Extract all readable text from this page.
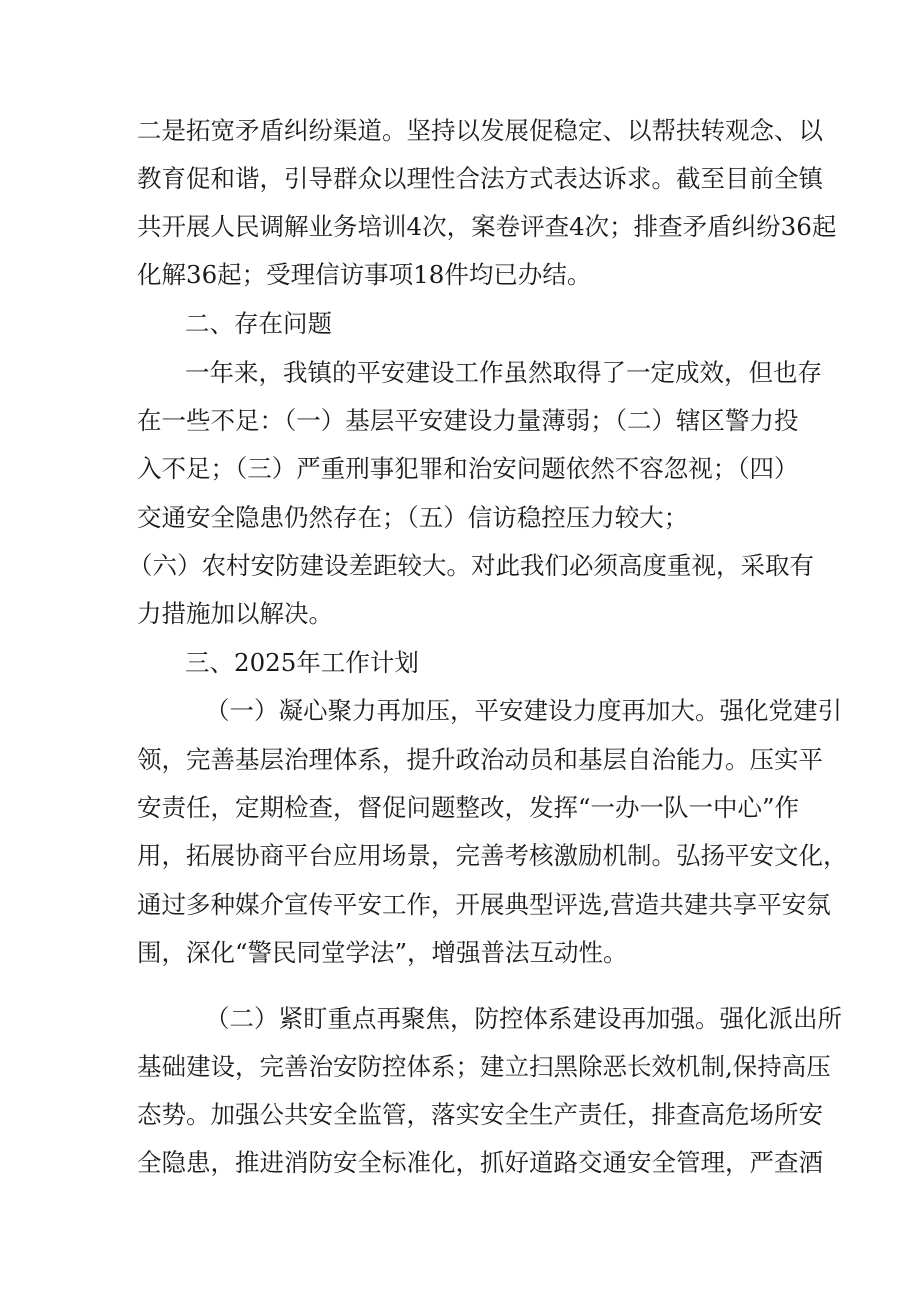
二是拓宽矛盾纠纷渠道。坚持以发展促稳定、以帮扶转观念、以

教育促和谐，引导群众以理性合法方式表达诉求。截至目前全镇

共开展人民调解业务培训4次，案卷评查4次；排查矛盾纠纷36起

化解36起；受理信访事项18件均已办结。

二、存在问题

一年来，我镇的平安建设工作虽然取得了一定成效，但也存

在一些不足：（一）基层平安建设力量薄弱；（二）辖区警力投

入不足；（三）严重刑事犯罪和治安问题依然不容忽视；（四）

交通安全隐患仍然存在；（五）信访稳控压力较大；

（六）农村安防建设差距较大。对此我们必须高度重视，采取有

力措施加以解决。

三、2025年工作计划

（一）凝心聚力再加压，平安建设力度再加大。强化党建引

领，完善基层治理体系，提升政治动员和基层自治能力。压实平

安责任，定期检查，督促问题整改，发挥“一办一队一中心”作

用，拓展协商平台应用场景，完善考核激励机制。弘扬平安文化，

通过多种媒介宣传平安工作，开展典型评选,营造共建共享平安氛

围，深化“警民同堂学法”，增强普法互动性。

（二）紧盯重点再聚焦，防控体系建设再加强。强化派出所

基础建设，完善治安防控体系；建立扫黑除恶长效机制,保持高压

态势。加强公共安全监管，落实安全生产责任，排查高危场所安

全隐患，推进消防安全标准化，抓好道路交通安全管理，严查酒
